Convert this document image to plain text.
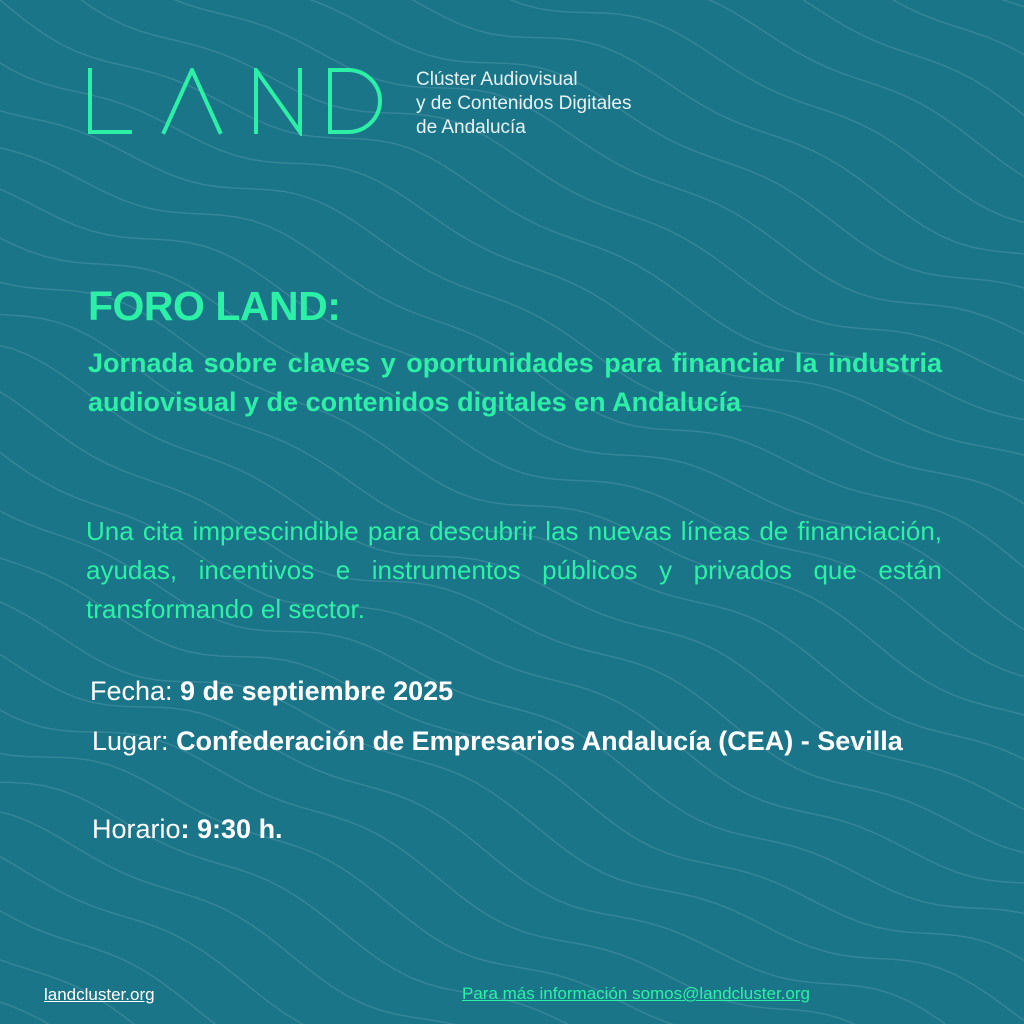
Clúster Audiovisual
y de Contenidos Digitales
de Andalucía
FORO LAND:
Jornada sobre claves y oportunidades para financiar la industria audiovisual y de contenidos digitales en Andalucía
Una cita imprescindible para descubrir las nuevas líneas de financiación, ayudas, incentivos e instrumentos públicos y privados que están transformando el sector.
Fecha: 9 de septiembre 2025
Lugar: Confederación de Empresarios Andalucía (CEA) - Sevilla
Horario: 9:30 h.
landcluster.org	Para más información somos@landcluster.org
